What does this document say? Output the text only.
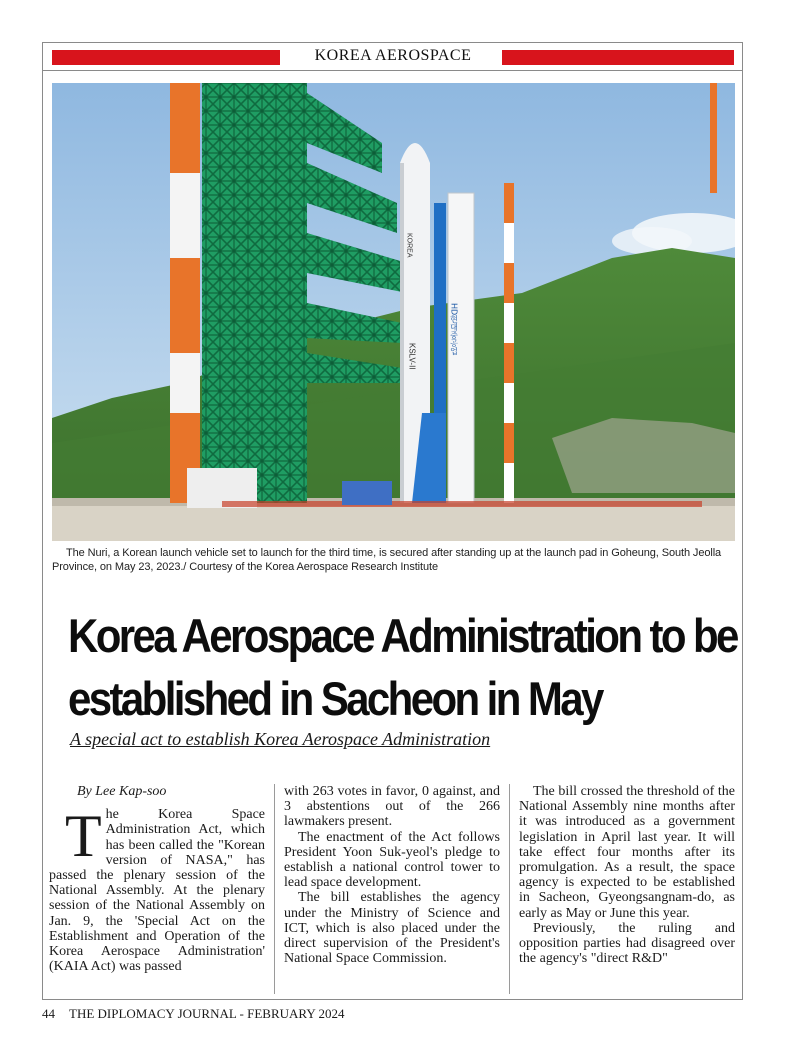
KOREA AEROSPACE
KOREA
KSLV-II
HD현대중공업
The Nuri, a Korean launch vehicle set to launch for the third time, is secured after standing up at the launch pad in Goheung, South Jeolla Province, on May 23, 2023./ Courtesy of the Korea Aerospace Research Institute
Korea Aerospace Administration to be established in Sacheon in May
A special act to establish Korea Aerospace Administration

By Lee Kap-soo

The Korea Space Administration Act, which has been called the "Korean version of NASA," has passed the plenary session of the National Assembly. At the plenary session of the National Assembly on Jan. 9, the 'Special Act on the Establishment and Operation of the Korea Aerospace Administration' (KAIA Act) was passed

with 263 votes in favor, 0 against, and 3 abstentions out of the 266 lawmakers present.

The enactment of the Act follows President Yoon Suk-yeol's pledge to establish a national control tower to lead space development.

The bill establishes the agency under the Ministry of Science and ICT, which is also placed under the direct supervision of the President's National Space Commission.

The bill crossed the threshold of the National Assembly nine months after it was introduced as a government legislation in April last year. It will take effect four months after its promulgation. As a result, the space agency is expected to be established in Sacheon, Gyeongsangnam-do, as early as May or June this year.

Previously, the ruling and opposition parties had disagreed over the agency's "direct R&D"

44 THE DIPLOMACY JOURNAL - FEBRUARY 2024
